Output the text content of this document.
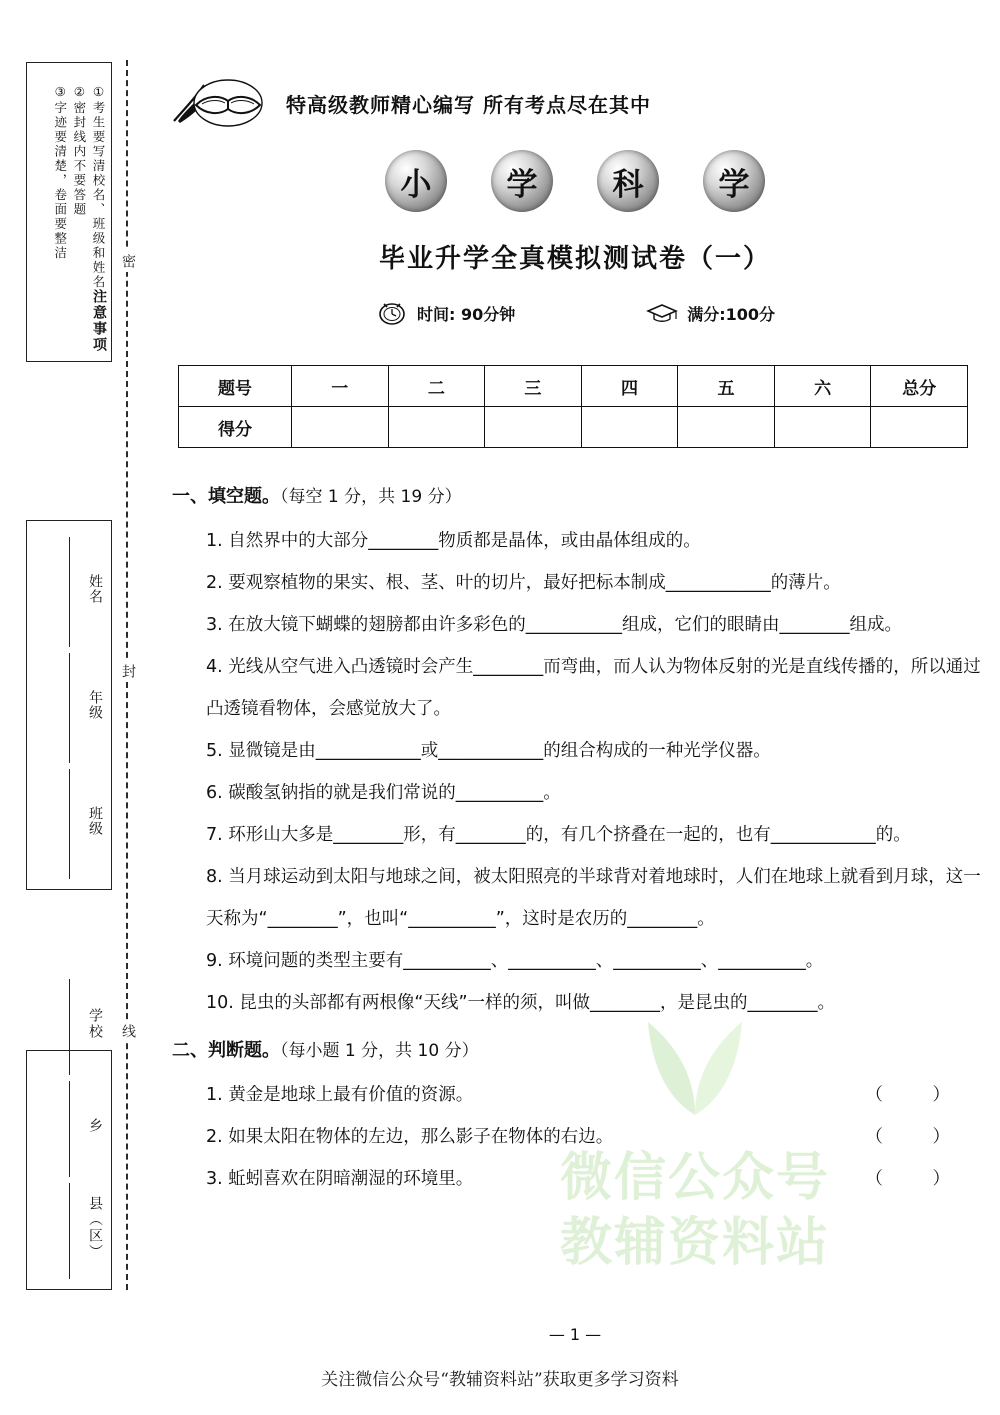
注意事项
①考生要写清校名、班级和姓名
②密封线内不要答题
③字迹要清楚，卷面要整洁
班级
年级
姓名
县（区）
乡
学校 线
封
密
特高级教师精心编写 所有考点尽在其中
小	学	科	学
毕业升学全真模拟测试卷（一）
时间: 90分钟	满分:100分
题号	一	二	三	四	五	六	总分
得分							
一、填空题。（每空 1 分，共 19 分）
1. 自然界中的大部分________物质都是晶体，或由晶体组成的。
2. 要观察植物的果实、根、茎、叶的切片，最好把标本制成____________的薄片。
3. 在放大镜下蝴蝶的翅膀都由许多彩色的___________组成，它们的眼睛由________组成。
4. 光线从空气进入凸透镜时会产生________而弯曲，而人认为物体反射的光是直线传播的，所以通过凸透镜看物体，会感觉放大了。
5. 显微镜是由____________或____________的组合构成的一种光学仪器。
6. 碳酸氢钠指的就是我们常说的__________。
7. 环形山大多是________形，有________的，有几个挤叠在一起的，也有____________的。
8. 当月球运动到太阳与地球之间，被太阳照亮的半球背对着地球时，人们在地球上就看到月球，这一天称为“________”，也叫“__________”，这时是农历的________。
9. 环境问题的类型主要有__________、__________、__________、__________。
10. 昆虫的头部都有两根像“天线”一样的须，叫做________，是昆虫的________。
二、判断题。（每小题 1 分，共 10 分）
（ ）
1. 黄金是地球上最有价值的资源。
（ ）
2. 如果太阳在物体的左边，那么影子在物体的右边。
（ ）
3. 蚯蚓喜欢在阴暗潮湿的环境里。	微信公众号
教辅资料站
— 1 —
关注微信公众号“教辅资料站”获取更多学习资料
